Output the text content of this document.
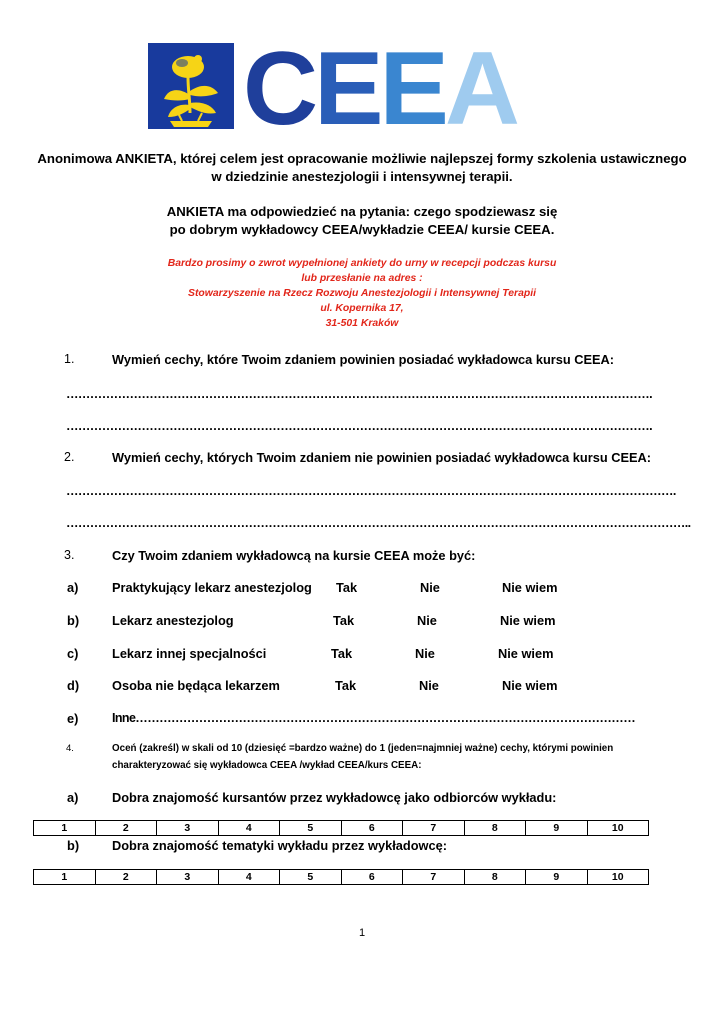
CEEA
Anonimowa ANKIETA, której celem jest opracowanie możliwie najlepszej formy szkolenia ustawicznego
w dziedzinie anestezjologii i intensywnej terapii.
ANKIETA ma odpowiedzieć na pytania: czego spodziewasz się
po dobrym wykładowcy CEEA/wykładzie CEEA/ kursie CEEA.
Bardzo prosimy o zwrot wypełnionej ankiety do urny w recepcji podczas kursu
lub przesłanie na adres :
Stowarzyszenie na Rzecz Rozwoju Anestezjologii i Intensywnej Terapii
ul. Kopernika 17,
31-501 Kraków
1.	Wymień cechy, które Twoim zdaniem powinien posiadać wykładowca kursu CEEA:
………………………………………………………………………………………………………………………………….
………………………………………………………………………………………………………………………………….
2.	Wymień cechy, których Twoim zdaniem nie powinien posiadać wykładowca kursu CEEA:
……………………………………………………………………………………………………………………………………….
…………………………………………………………………………………………………………………………………………..
3.	Czy Twoim zdaniem wykładowcą na kursie CEEA może być:
a)	Praktykujący lekarz anestezjolog Tak	Nie	Nie wiem
b)	Lekarz anestezjolog	Tak	Nie	Nie wiem
c)	Lekarz innej specjalności	Tak	Nie	Nie wiem
d)	Osoba nie będąca lekarzem	Tak	Nie	Nie wiem
e)	Inne………………………………………………………………………………………………………………
4.	Oceń (zakreśl) w skali od 10 (dziesięć =bardzo ważne) do 1 (jeden=najmniej ważne) cechy, którymi powinien
charakteryzować się wykładowca CEEA /wykład CEEA/kurs CEEA:
a)	Dobra znajomość kursantów przez wykładowcę jako odbiorców wykładu:
1	2	3	4	5	6	7	8	9	10
b)	Dobra znajomość tematyki wykładu przez wykładowcę:
1	2	3	4	5	6	7	8	9	10
1
